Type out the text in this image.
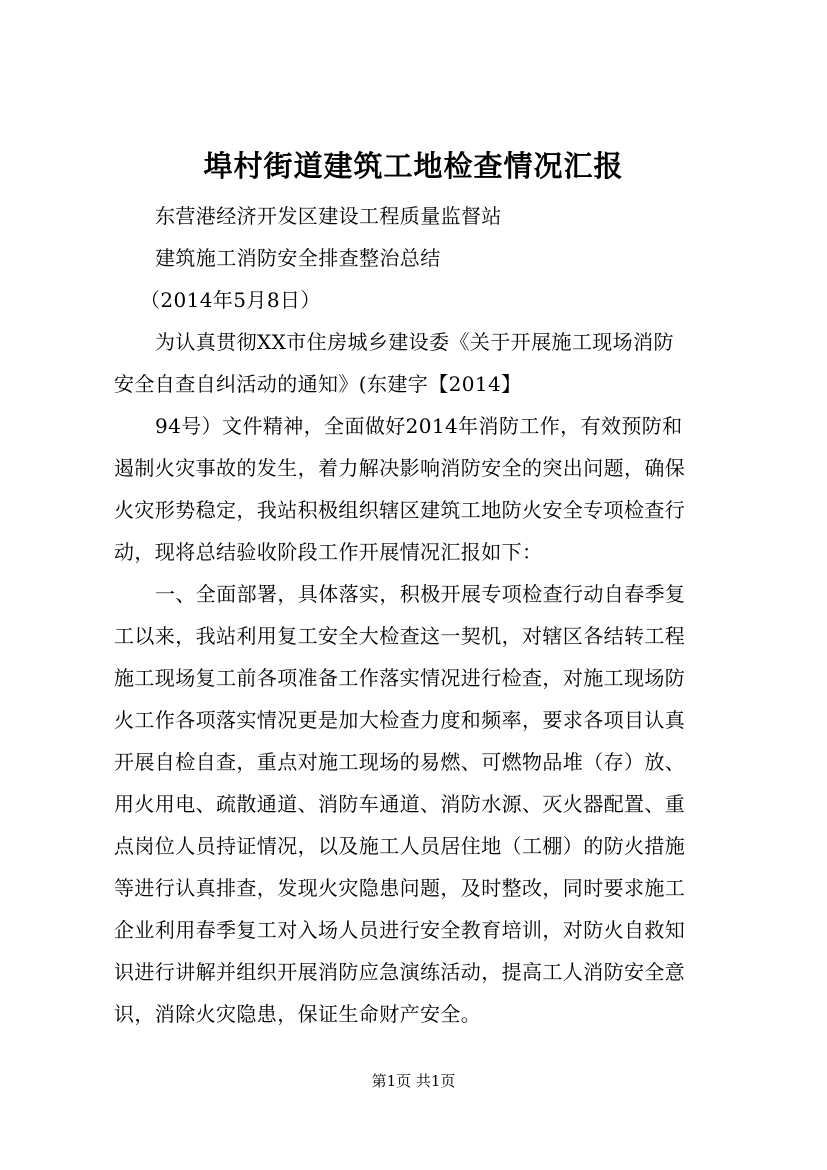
埠村街道建筑工地检查情况汇报
东营港经济开发区建设工程质量监督站
建筑施工消防安全排查整治总结
（2014年5月8日）
为认真贯彻XX市住房城乡建设委《关于开展施工现场消防
安全自查自纠活动的通知》(东建字【2014】
94号）文件精神，全面做好2014年消防工作，有效预防和
遏制火灾事故的发生，着力解决影响消防安全的突出问题，确保
火灾形势稳定，我站积极组织辖区建筑工地防火安全专项检查行
动，现将总结验收阶段工作开展情况汇报如下：
一、全面部署，具体落实，积极开展专项检查行动自春季复
工以来，我站利用复工安全大检查这一契机，对辖区各结转工程
施工现场复工前各项准备工作落实情况进行检查，对施工现场防
火工作各项落实情况更是加大检查力度和频率，要求各项目认真
开展自检自查，重点对施工现场的易燃、可燃物品堆（存）放、
用火用电、疏散通道、消防车通道、消防水源、灭火器配置、重
点岗位人员持证情况，以及施工人员居住地（工棚）的防火措施
等进行认真排查，发现火灾隐患问题，及时整改，同时要求施工
企业利用春季复工对入场人员进行安全教育培训，对防火自救知
识进行讲解并组织开展消防应急演练活动，提高工人消防安全意
识，消除火灾隐患，保证生命财产安全。
第1页 共1页
